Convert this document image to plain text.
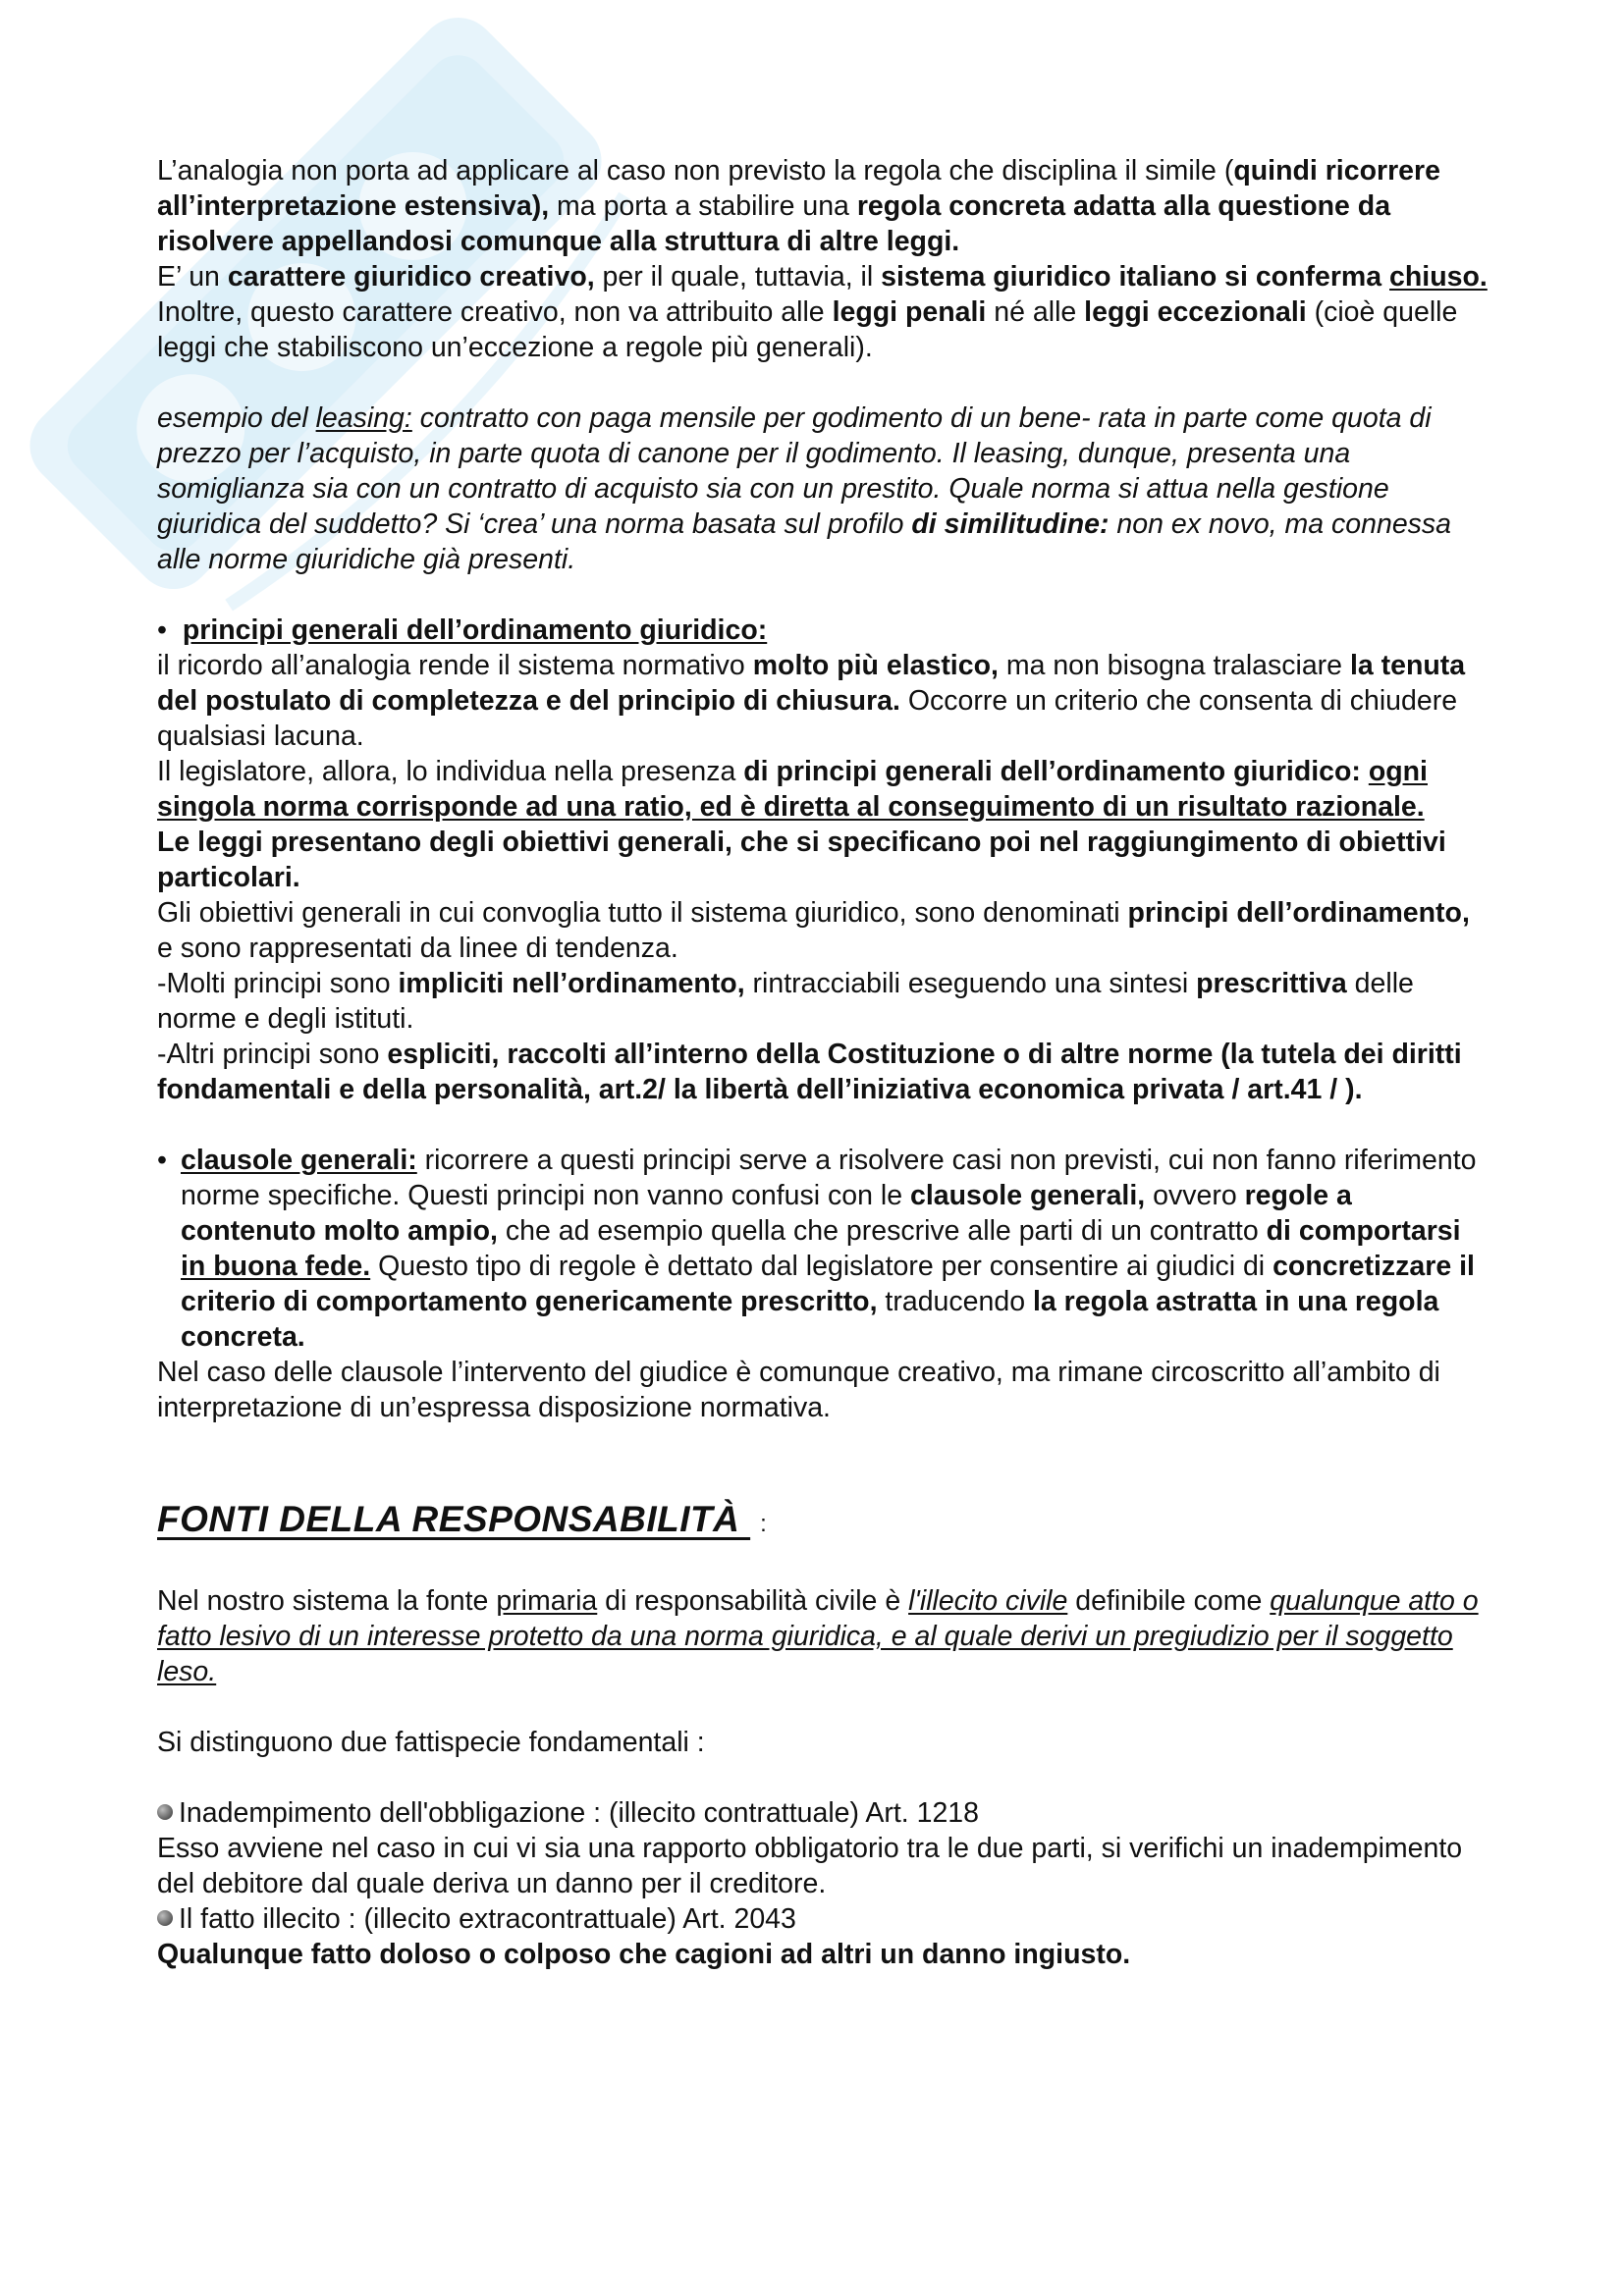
L’analogia non porta ad applicare al caso non previsto la regola che disciplina il simile (quindi ricorrere all’interpretazione estensiva), ma porta a stabilire una regola concreta adatta alla questione da risolvere appellandosi comunque alla struttura di altre leggi.
E’ un carattere giuridico creativo, per il quale, tuttavia, il sistema giuridico italiano si conferma chiuso.
Inoltre, questo carattere creativo, non va attribuito alle leggi penali né alle leggi eccezionali (cioè quelle leggi che stabiliscono un’eccezione a regole più generali).

esempio del leasing: contratto con paga mensile per godimento di un bene- rata in parte come quota di prezzo per l’acquisto, in parte quota di canone per il godimento. Il leasing, dunque, presenta una somiglianza sia con un contratto di acquisto sia con un prestito. Quale norma si attua nella gestione giuridica del suddetto? Si ‘crea’ una norma basata sul profilo di similitudine: non ex novo, ma connessa alle norme giuridiche già presenti.

• principi generali dell’ordinamento giuridico:

il ricordo all’analogia rende il sistema normativo molto più elastico, ma non bisogna tralasciare la tenuta del postulato di completezza e del principio di chiusura. Occorre un criterio che consenta di chiudere qualsiasi lacuna.

Il legislatore, allora, lo individua nella presenza di principi generali dell’ordinamento giuridico: ogni singola norma corrisponde ad una ratio, ed è diretta al conseguimento di un risultato razionale.

Le leggi presentano degli obiettivi generali, che si specificano poi nel raggiungimento di obiettivi particolari.

Gli obiettivi generali in cui convoglia tutto il sistema giuridico, sono denominati principi dell’ordinamento, e sono rappresentati da linee di tendenza.

-Molti principi sono impliciti nell’ordinamento, rintracciabili eseguendo una sintesi prescrittiva delle norme e degli istituti.

-Altri principi sono espliciti, raccolti all’interno della Costituzione o di altre norme (la tutela dei diritti fondamentali e della personalità, art.2/ la libertà dell’iniziativa economica privata / art.41 / ).

• clausole generali: ricorrere a questi principi serve a risolvere casi non previsti, cui non fanno riferimento norme specifiche. Questi principi non vanno confusi con le clausole generali, ovvero regole a contenuto molto ampio, che ad esempio quella che prescrive alle parti di un contratto di comportarsi in buona fede. Questo tipo di regole è dettato dal legislatore per consentire ai giudici di concretizzare il criterio di comportamento genericamente prescritto, traducendo la regola astratta in una regola concreta.

Nel caso delle clausole l’intervento del giudice è comunque creativo, ma rimane circoscritto all’ambito di interpretazione di un’espressa disposizione normativa.

FONTI DELLA RESPONSABILITÀ :

Nel nostro sistema la fonte primaria di responsabilità civile è l'illecito civile definibile come qualunque atto o fatto lesivo di un interesse protetto da una norma giuridica, e al quale derivi un pregiudizio per il soggetto leso.

Si distinguono due fattispecie fondamentali :

Inadempimento dell'obbligazione : (illecito contrattuale) Art. 1218

Esso avviene nel caso in cui vi sia una rapporto obbligatorio tra le due parti, si verifichi un inadempimento del debitore dal quale deriva un danno per il creditore.

Il fatto illecito : (illecito extracontrattuale) Art. 2043

Qualunque fatto doloso o colposo che cagioni ad altri un danno ingiusto.
